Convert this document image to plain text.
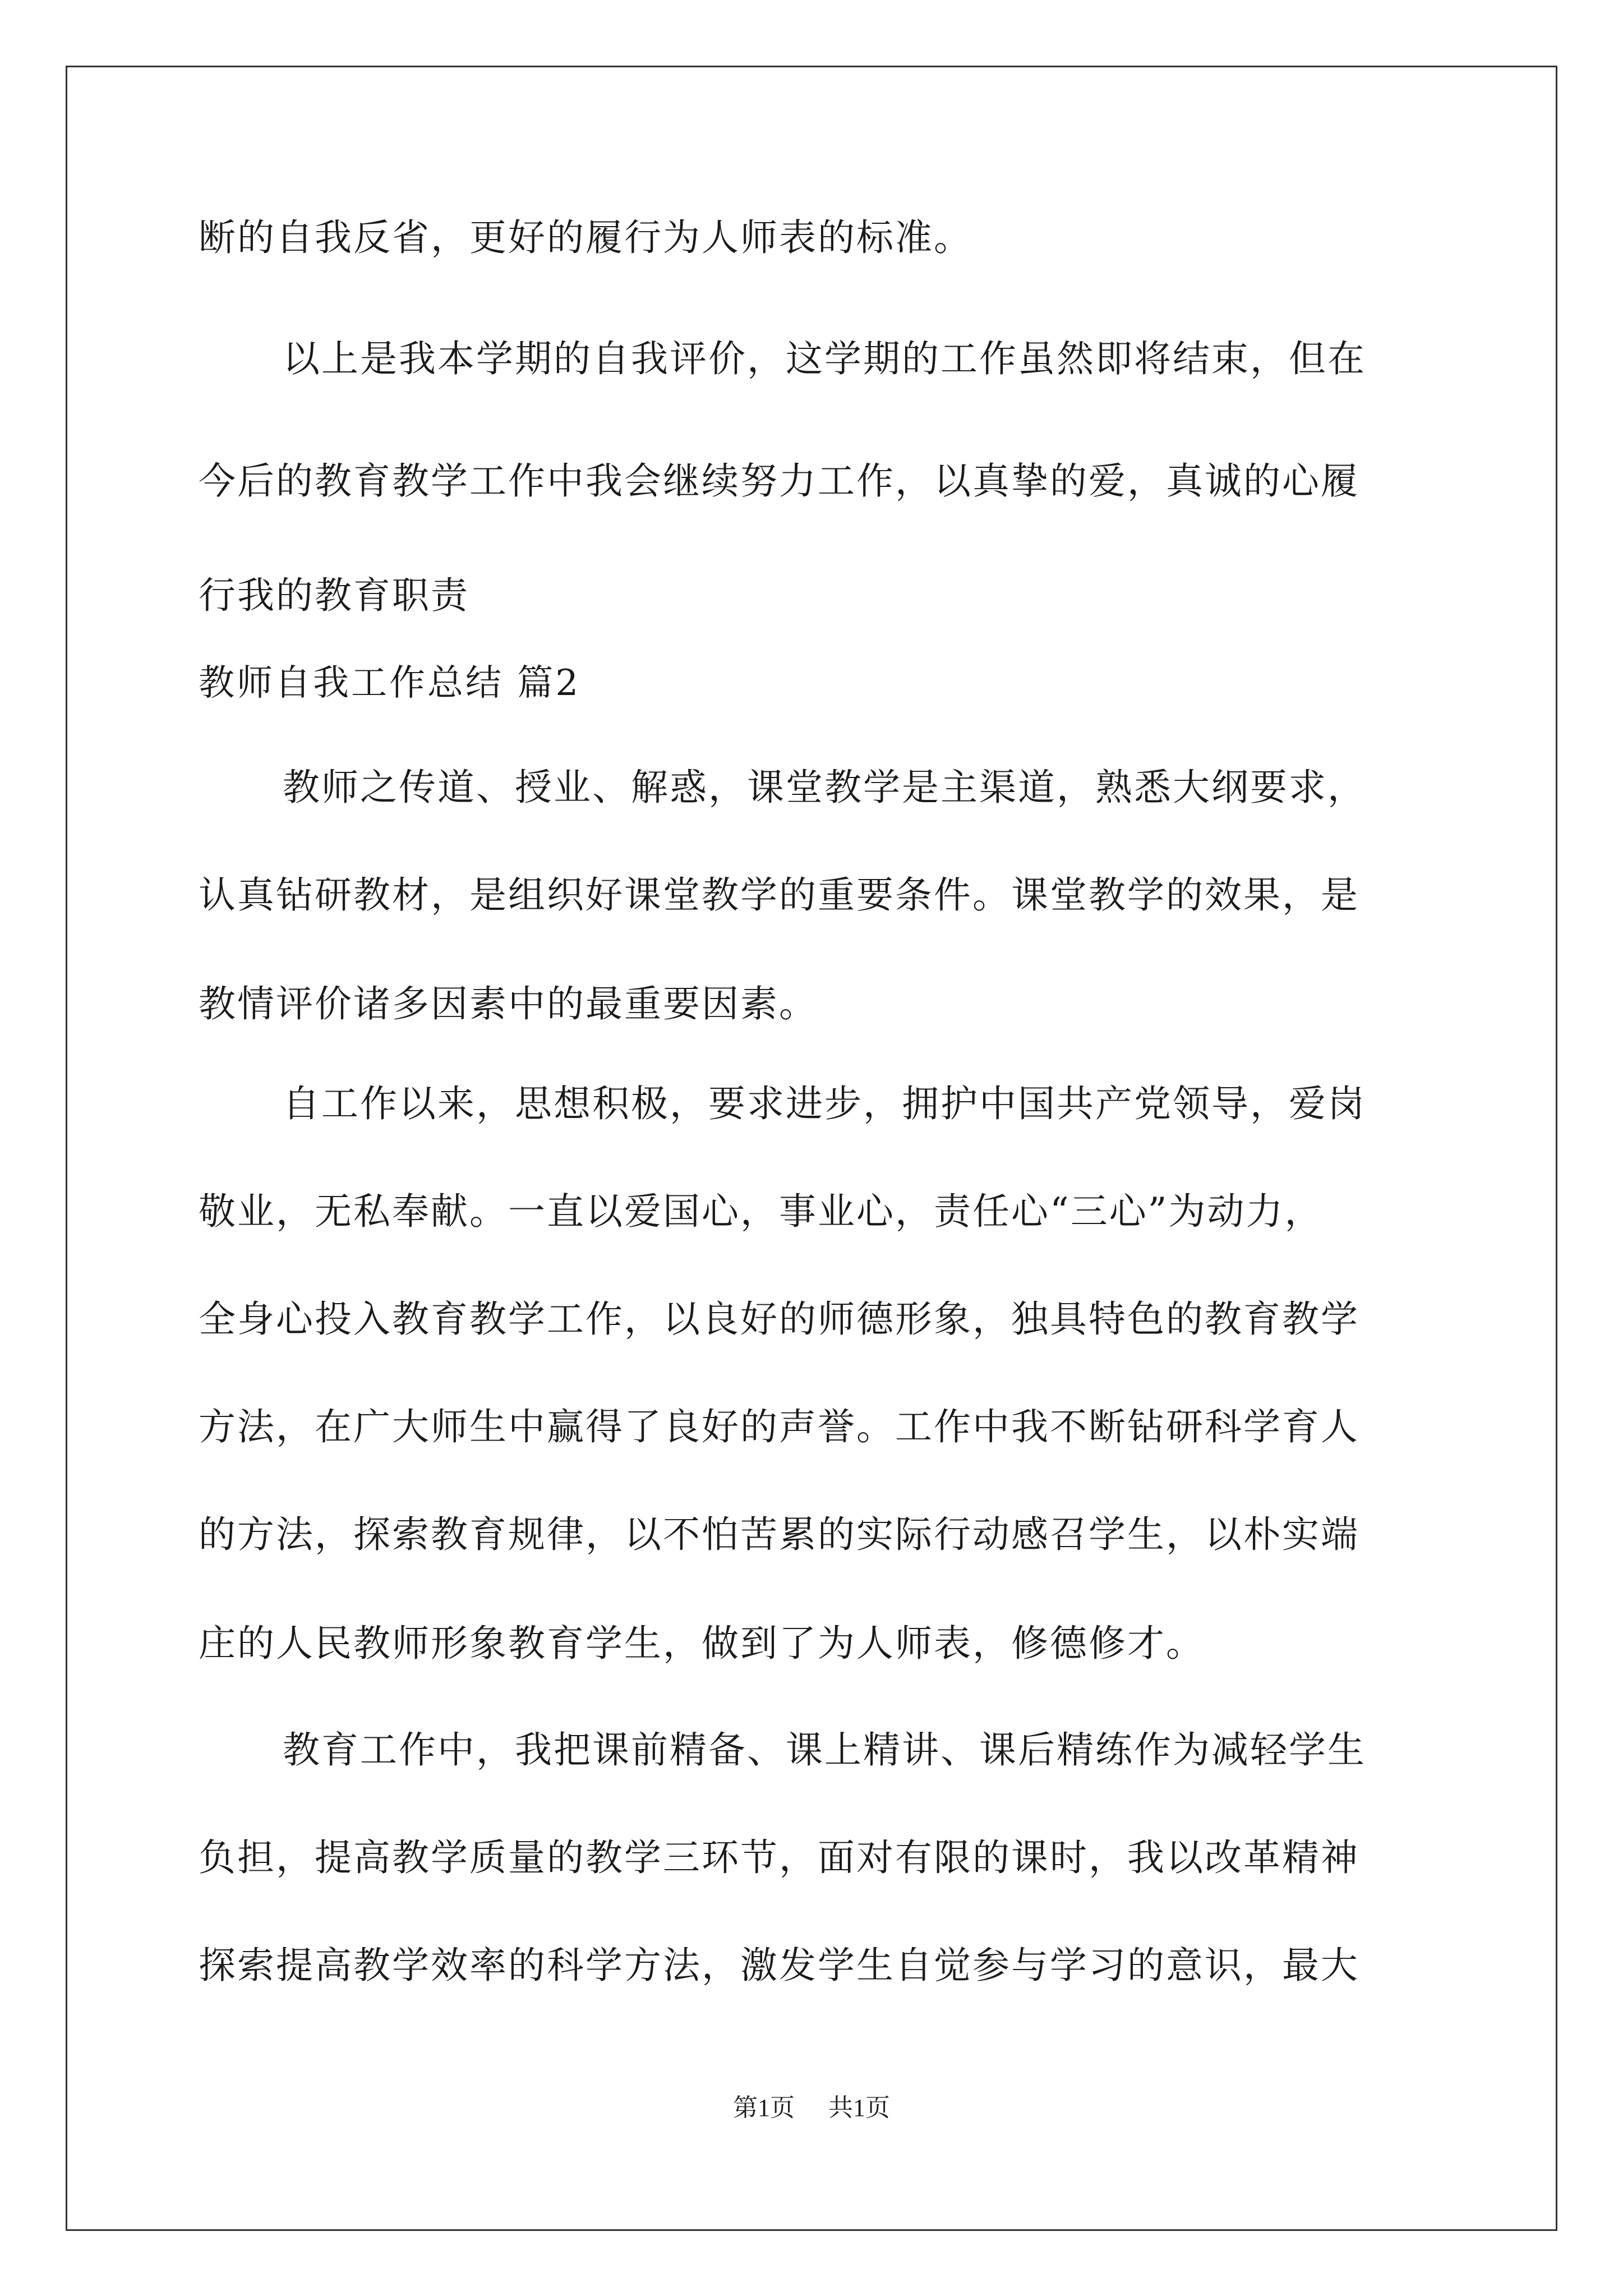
断的自我反省，更好的履行为人师表的标准。
以上是我本学期的自我评价，这学期的工作虽然即将结束，但在
今后的教育教学工作中我会继续努力工作，以真挚的爱，真诚的心履
行我的教育职责
教师自我工作总结 篇2
教师之传道、授业、解惑，课堂教学是主渠道，熟悉大纲要求，
认真钻研教材，是组织好课堂教学的重要条件。课堂教学的效果，是
教情评价诸多因素中的最重要因素。
自工作以来，思想积极，要求进步，拥护中国共产党领导，爱岗
敬业，无私奉献。一直以爱国心，事业心，责任心“三心”为动力，
全身心投入教育教学工作，以良好的师德形象，独具特色的教育教学
方法，在广大师生中赢得了良好的声誉。工作中我不断钻研科学育人
的方法，探索教育规律，以不怕苦累的实际行动感召学生，以朴实端
庄的人民教师形象教育学生，做到了为人师表，修德修才。
教育工作中，我把课前精备、课上精讲、课后精练作为减轻学生
负担，提高教学质量的教学三环节，面对有限的课时，我以改革精神
探索提高教学效率的科学方法，激发学生自觉参与学习的意识，最大
第1页 共1页
